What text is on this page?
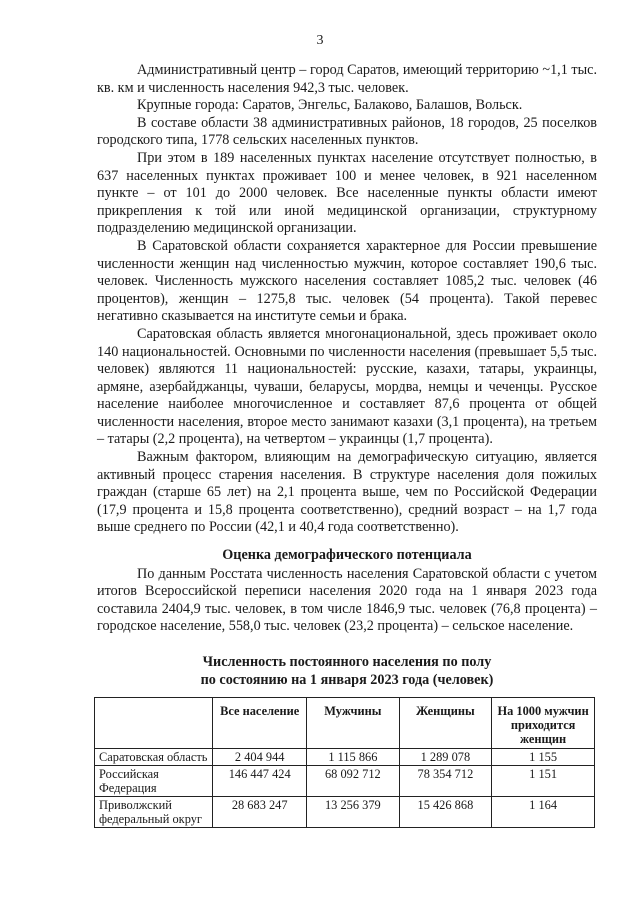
3

Административный центр – город Саратов, имеющий территорию ~1,1 тыс. кв. км и численность населения 942,3 тыс. человек.

Крупные города: Саратов, Энгельс, Балаково, Балашов, Вольск.

В составе области 38 административных районов, 18 городов, 25 поселков городского типа, 1778 сельских населенных пунктов.

При этом в 189 населенных пунктах население отсутствует полностью, в 637 населенных пунктах проживает 100 и менее человек, в 921 населенном пункте – от 101 до 2000 человек. Все населенные пункты области имеют прикрепления к той или иной медицинской организации, структурному подразделению медицинской организации.

В Саратовской области сохраняется характерное для России превышение численности женщин над численностью мужчин, которое составляет 190,6 тыс. человек. Численность мужского населения составляет 1085,2 тыс. человек (46 процентов), женщин – 1275,8 тыс. человек (54 процента). Такой перевес негативно сказывается на институте семьи и брака.

Саратовская область является многонациональной, здесь проживает около 140 национальностей. Основными по численности населения (превышает 5,5 тыс. человек) являются 11 национальностей: русские, казахи, татары, украинцы, армяне, азербайджанцы, чуваши, беларусы, мордва, немцы и чеченцы. Русское население наиболее многочисленное и составляет 87,6 процента от общей численности населения, второе место занимают казахи (3,1 процента), на третьем – татары (2,2 процента), на четвертом – украинцы (1,7 процента).

Важным фактором, влияющим на демографическую ситуацию, является активный процесс старения населения. В структуре населения доля пожилых граждан (старше 65 лет) на 2,1 процента выше, чем по Российской Федерации (17,9 процента и 15,8 процента соответственно), средний возраст – на 1,7 года выше среднего по России (42,1 и 40,4 года соответственно).

Оценка демографического потенциала

По данным Росстата численность населения Саратовской области с учетом итогов Всероссийской переписи населения 2020 года на 1 января 2023 года составила 2404,9 тыс. человек, в том числе 1846,9 тыс. человек (76,8 процента) – городское население, 558,0 тыс. человек (23,2 процента) – сельское население.

Численность постоянного населения по полу
по состоянию на 1 января 2023 года (человек)
	Все население	Мужчины	Женщины	На 1000 мужчин приходится женщин
Саратовская область	2 404 944	1 115 866	1 289 078	1 155
Российская Федерация	146 447 424	68 092 712	78 354 712	1 151
Приволжский федеральный округ	28 683 247	13 256 379	15 426 868	1 164
